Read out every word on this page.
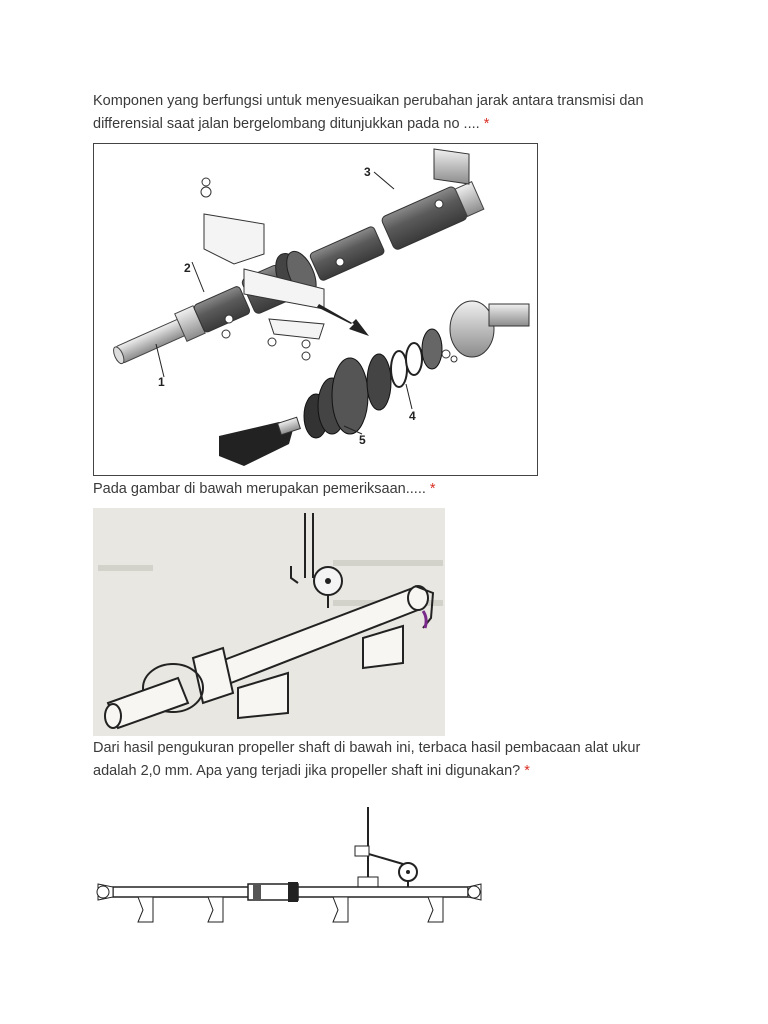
Komponen yang berfungsi untuk menyesuaikan perubahan jarak antara transmisi dan differensial saat jalan bergelombang ditunjukkan pada no .... *
1
2
3
4
5
Pada gambar di bawah merupakan pemeriksaan..... *
Dari hasil pengukuran propeller shaft di bawah ini, terbaca hasil pembacaan alat ukur adalah 2,0 mm. Apa yang terjadi jika propeller shaft ini digunakan? *
